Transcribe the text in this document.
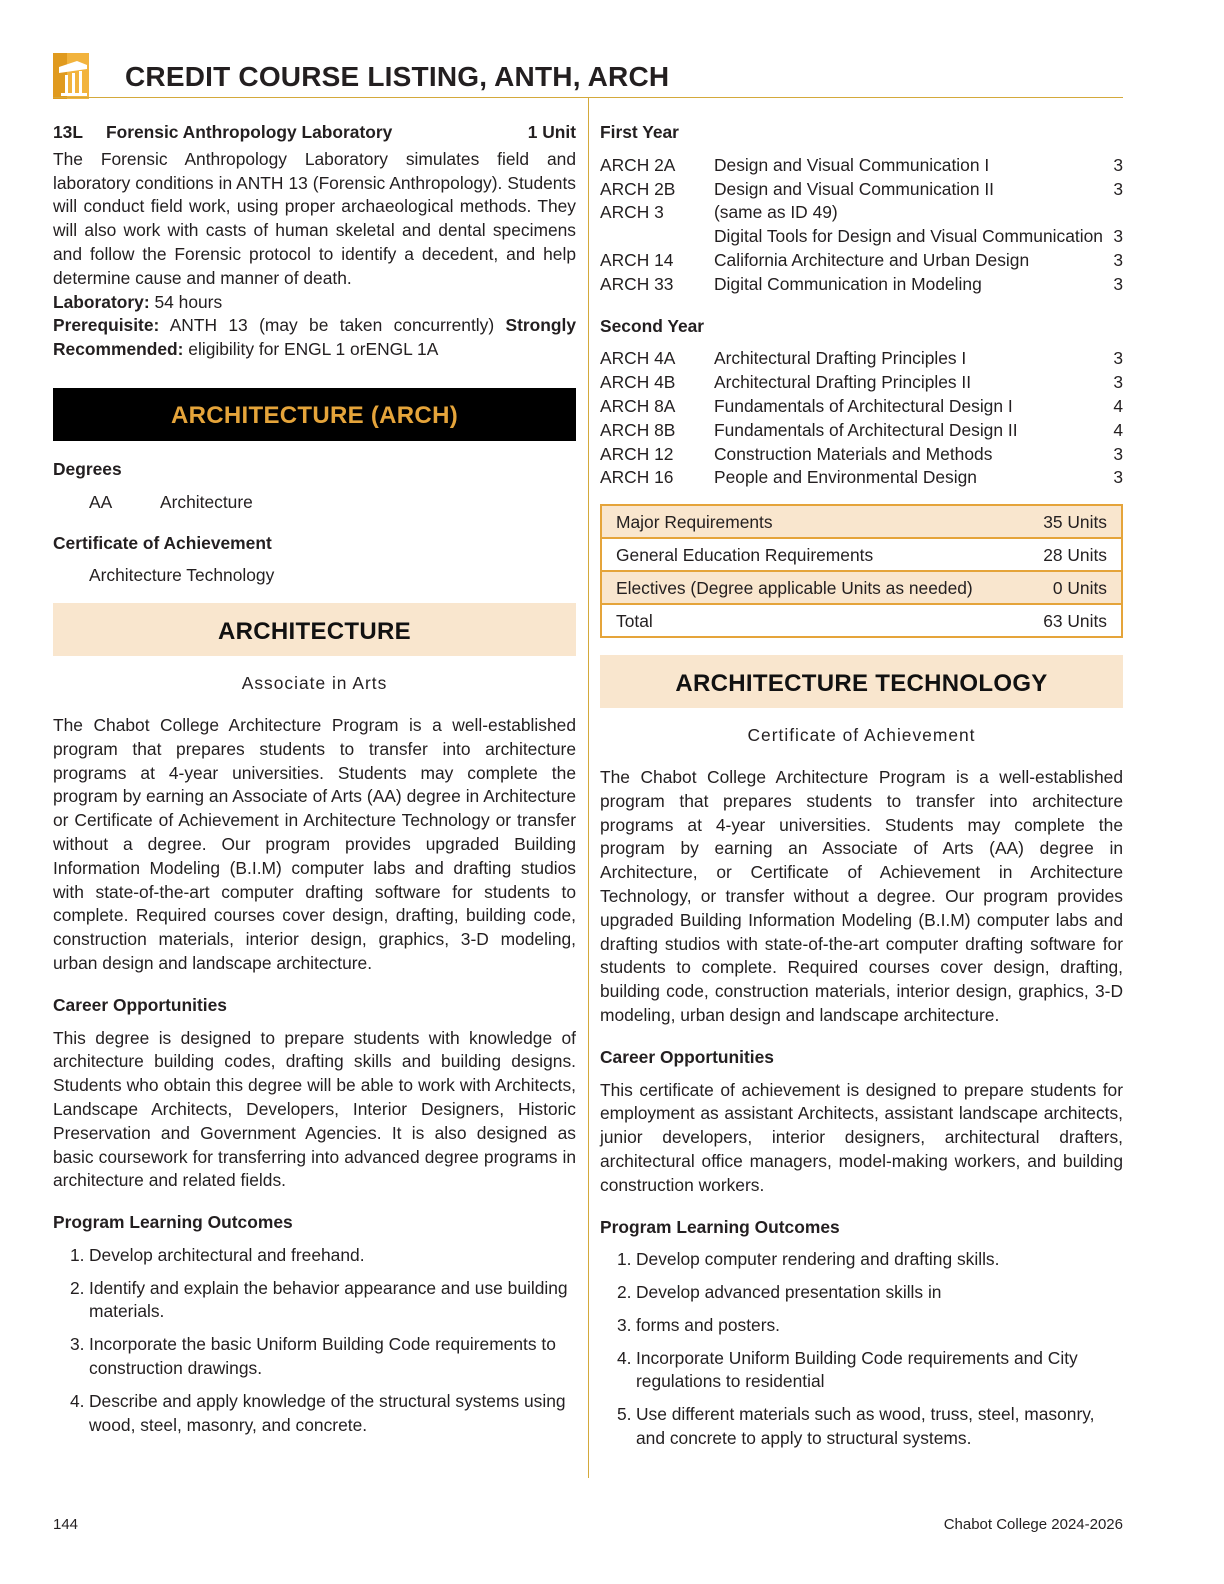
CREDIT COURSE LISTING, ANTH, ARCH
13L	Forensic Anthropology Laboratory	1 Unit

The Forensic Anthropology Laboratory simulates field and laboratory conditions in ANTH 13 (Forensic Anthropology). Students will conduct field work, using proper archaeological methods. They will also work with casts of human skeletal and dental specimens and follow the Forensic protocol to identify a decedent, and help determine cause and manner of death.

Laboratory: 54 hours

Prerequisite: ANTH 13 (may be taken concurrently) Strongly Recommended: eligibility for ENGL 1 orENGL 1A

ARCHITECTURE (ARCH)

Degrees

AA	Architecture

Certificate of Achievement

Architecture Technology
ARCHITECTURE
Associate in Arts

The Chabot College Architecture Program is a well-established program that prepares students to transfer into architecture programs at 4-year universities. Students may complete the program by earning an Associate of Arts (AA) degree in Architecture or Certificate of Achievement in Architecture Technology or transfer without a degree. Our program provides upgraded Building Information Modeling (B.I.M) computer labs and drafting studios with state-of-the-art computer drafting software for students to complete. Required courses cover design, drafting, building code, construction materials, interior design, graphics, 3-D modeling, urban design and landscape architecture.

Career Opportunities

This degree is designed to prepare students with knowledge of architecture building codes, drafting skills and building designs. Students who obtain this degree will be able to work with Architects, Landscape Architects, Developers, Interior Designers, Historic Preservation and Government Agencies. It is also designed as basic coursework for transferring into advanced degree programs in architecture and related fields.

Program Learning Outcomes

1. Develop architectural and freehand.
2. Identify and explain the behavior appearance and use building materials.
3. Incorporate the basic Uniform Building Code requirements to construction drawings.
4. Describe and apply knowledge of the structural systems using wood, steel, masonry, and concrete.

First Year

ARCH 2A	Design and Visual Communication I	3
ARCH 2B	Design and Visual Communication II	3
ARCH 3	(same as ID 49)
Digital Tools for Design and Visual Communication 3
ARCH 14	California Architecture and Urban Design	3
ARCH 33	Digital Communication in Modeling	3

Second Year

ARCH 4A	Architectural Drafting Principles I	3
ARCH 4B	Architectural Drafting Principles II	3
ARCH 8A	Fundamentals of Architectural Design I	4
ARCH 8B	Fundamentals of Architectural Design II	4
ARCH 12	Construction Materials and Methods	3
ARCH 16	People and Environmental Design	3
Major Requirements	35 Units
General Education Requirements	28 Units
Electives (Degree applicable Units as needed)	0 Units
Total	63 Units
ARCHITECTURE TECHNOLOGY
Certificate of Achievement

The Chabot College Architecture Program is a well-established program that prepares students to transfer into architecture programs at 4-year universities. Students may complete the program by earning an Associate of Arts (AA) degree in Architecture, or Certificate of Achievement in Architecture Technology, or transfer without a degree. Our program provides upgraded Building Information Modeling (B.I.M) computer labs and drafting studios with state-of-the-art computer drafting software for students to complete. Required courses cover design, drafting, building code, construction materials, interior design, graphics, 3-D modeling, urban design and landscape architecture.

Career Opportunities

This certificate of achievement is designed to prepare students for employment as assistant Architects, assistant landscape architects, junior developers, interior designers, architectural drafters, architectural office managers, model-making workers, and building construction workers.

Program Learning Outcomes

1. Develop computer rendering and drafting skills.
2. Develop advanced presentation skills in
3. forms and posters.
4. Incorporate Uniform Building Code requirements and City regulations to residential
5. Use different materials such as wood, truss, steel, masonry, and concrete to apply to structural systems.
144	Chabot College 2024-2026
